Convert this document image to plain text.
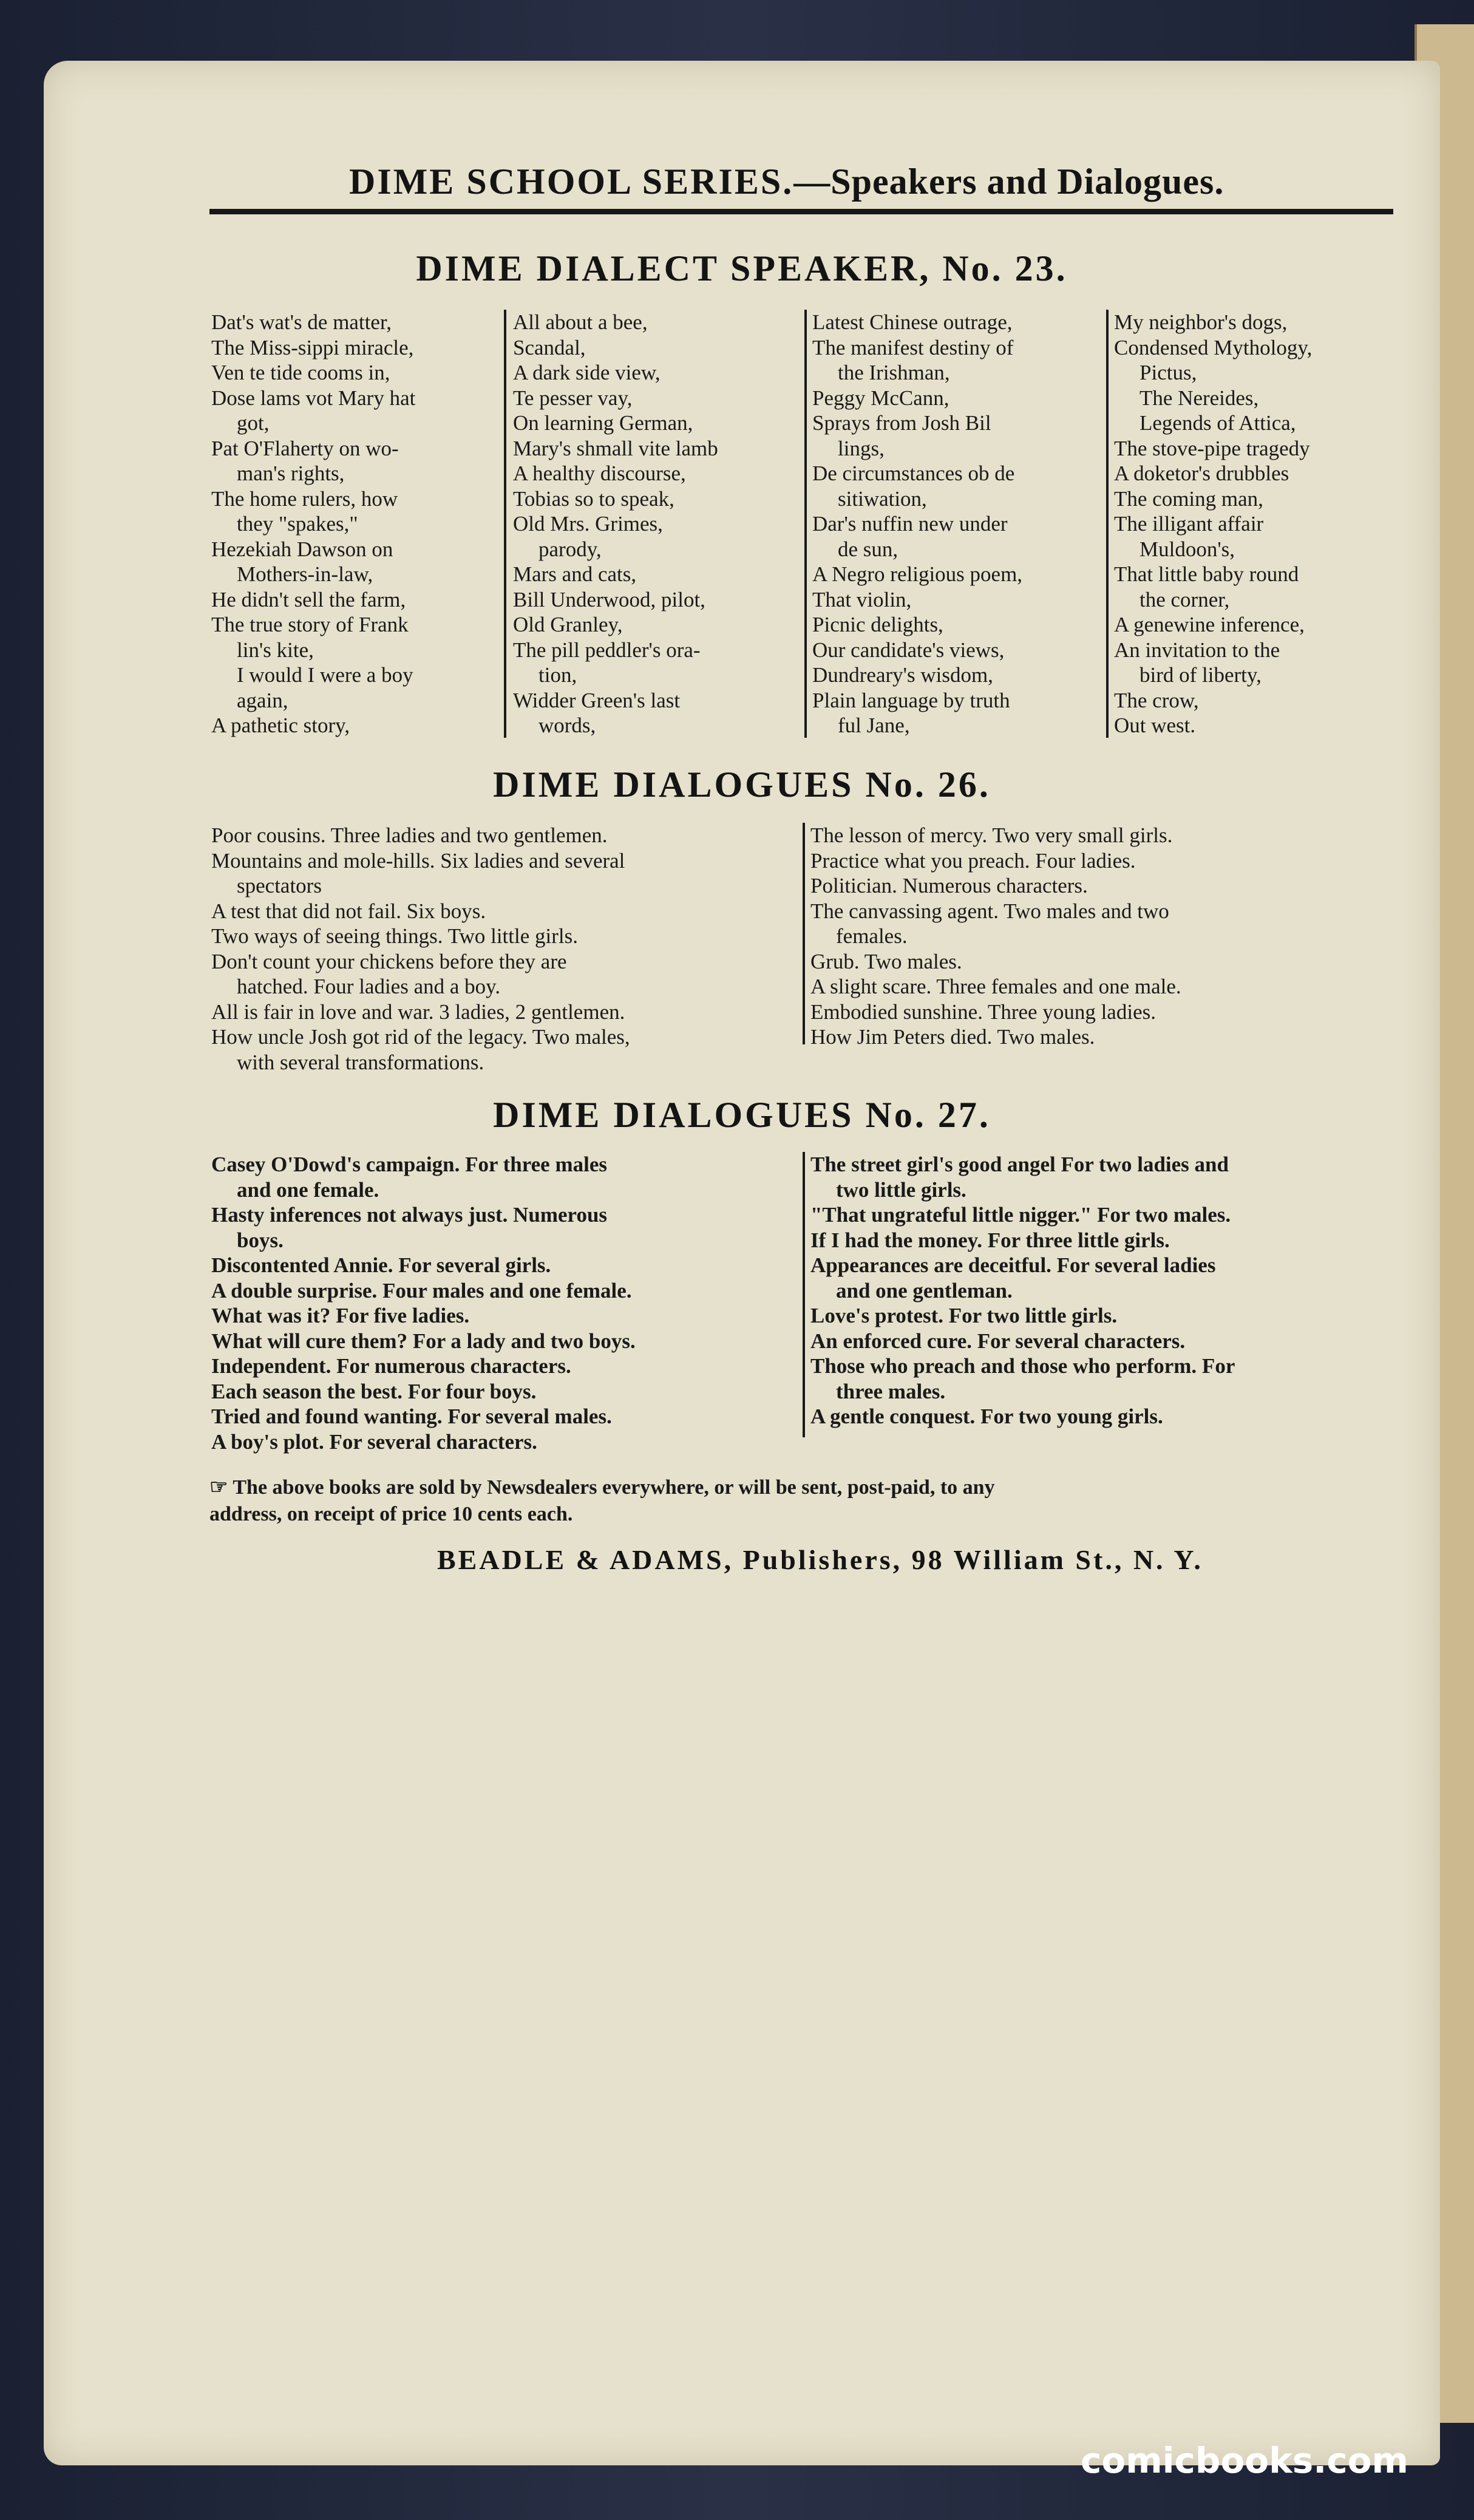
DIME SCHOOL SERIES.—Speakers and Dialogues.
DIME DIALECT SPEAKER, No. 23.
Dat's wat's de matter,
The Miss-sippi miracle,
Ven te tide cooms in,
Dose lams vot Mary hat
got,
Pat O'Flaherty on wo-
man's rights,
The home rulers, how
they "spakes,"
Hezekiah Dawson on
Mothers-in-law,
He didn't sell the farm,
The true story of Frank
lin's kite,
I would I were a boy
again,
A pathetic story,
All about a bee,
Scandal,
A dark side view,
Te pesser vay,
On learning German,
Mary's shmall vite lamb
A healthy discourse,
Tobias so to speak,
Old Mrs. Grimes,
parody,
Mars and cats,
Bill Underwood, pilot,
Old Granley,
The pill peddler's ora-
tion,
Widder Green's last
words,
Latest Chinese outrage,
The manifest destiny of
the Irishman,
Peggy McCann,
Sprays from Josh Bil
lings,
De circumstances ob de
sitiwation,
Dar's nuffin new under
de sun,
A Negro religious poem,
That violin,
Picnic delights,
Our candidate's views,
Dundreary's wisdom,
Plain language by truth
ful Jane,
My neighbor's dogs,
Condensed Mythology,
Pictus,
The Nereides,
Legends of Attica,
The stove-pipe tragedy
A doketor's drubbles
The coming man,
The illigant affair
Muldoon's,
That little baby round
the corner,
A genewine inference,
An invitation to the
bird of liberty,
The crow,
Out west.
DIME DIALOGUES No. 26.
Poor cousins. Three ladies and two gentlemen.
Mountains and mole-hills. Six ladies and several
spectators
A test that did not fail. Six boys.
Two ways of seeing things. Two little girls.
Don't count your chickens before they are
hatched. Four ladies and a boy.
All is fair in love and war. 3 ladies, 2 gentlemen.
How uncle Josh got rid of the legacy. Two males,
with several transformations.
The lesson of mercy. Two very small girls.
Practice what you preach. Four ladies.
Politician. Numerous characters.
The canvassing agent. Two males and two
females.
Grub. Two males.
A slight scare. Three females and one male.
Embodied sunshine. Three young ladies.
How Jim Peters died. Two males.
DIME DIALOGUES No. 27.
Casey O'Dowd's campaign. For three males
and one female.
Hasty inferences not always just. Numerous
boys.
Discontented Annie. For several girls.
A double surprise. Four males and one female.
What was it? For five ladies.
What will cure them? For a lady and two boys.
Independent. For numerous characters.
Each season the best. For four boys.
Tried and found wanting. For several males.
A boy's plot. For several characters.
The street girl's good angel For two ladies and
two little girls.
"That ungrateful little nigger." For two males.
If I had the money. For three little girls.
Appearances are deceitful. For several ladies
and one gentleman.
Love's protest. For two little girls.
An enforced cure. For several characters.
Those who preach and those who perform. For
three males.
A gentle conquest. For two young girls.
☞ The above books are sold by Newsdealers everywhere, or will be sent, post-paid, to any
address, on receipt of price 10 cents each.
BEADLE & ADAMS, Publishers, 98 William St., N. Y.
comicbooks.com
